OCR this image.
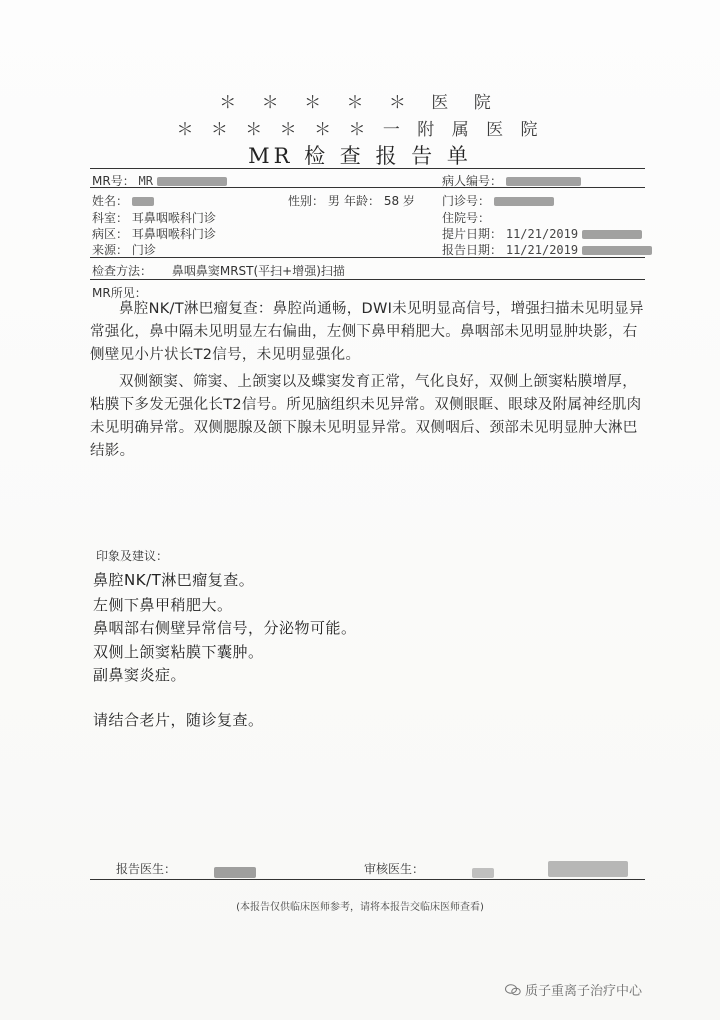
＊ ＊ ＊ ＊ ＊ 医 院
＊ ＊ ＊ ＊ ＊ ＊ 一 附 属 医 院
MR 检 查 报 告 单
MR号： MR	病人编号：
姓名：	性别： 男 年龄： 58 岁 门诊号：
科室： 耳鼻咽喉科门诊	住院号：
病区： 耳鼻咽喉科门诊	提片日期： 11/21/2019
来源： 门诊	报告日期： 11/21/2019
检查方法： 鼻咽鼻窦MRST(平扫+增强)扫描
MR所见：

鼻腔NK/T淋巴瘤复查：鼻腔尚通畅，DWI未见明显高信号，增强扫描未见明显异常强化，鼻中隔未见明显左右偏曲，左侧下鼻甲稍肥大。鼻咽部未见明显肿块影，右侧壁见小片状长T2信号，未见明显强化。

双侧额窦、筛窦、上颌窦以及蝶窦发育正常，气化良好，双侧上颌窦粘膜增厚，粘膜下多发无强化长T2信号。所见脑组织未见异常。双侧眼眶、眼球及附属神经肌肉未见明确异常。双侧腮腺及颌下腺未见明显异常。双侧咽后、颈部未见明显肿大淋巴结影。

印象及建议：
鼻腔NK/T淋巴瘤复查。
左侧下鼻甲稍肥大。
鼻咽部右侧壁异常信号，分泌物可能。
双侧上颌窦粘膜下囊肿。
副鼻窦炎症。
请结合老片，随诊复查。
报告医生：	审核医生：
(本报告仅供临床医师参考，请将本报告交临床医师查看)
质子重离子治疗中心
